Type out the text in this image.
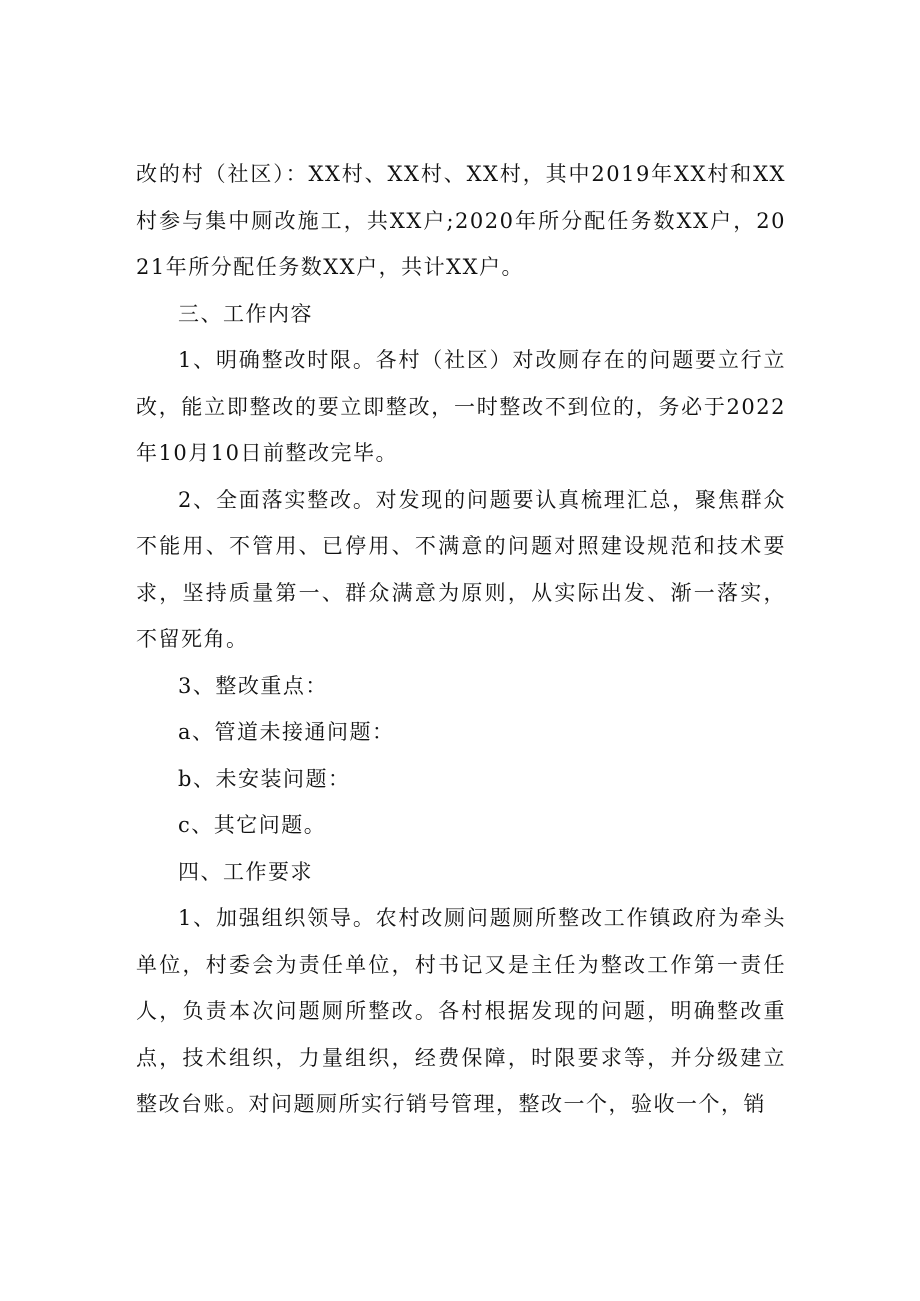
改的村（社区）：XX村、XX村、XX村，其中2019年XX村和XX村参与集中厕改施工，共XX户;2020年所分配任务数XX户，2021年所分配任务数XX户，共计XX户。

三、工作内容

1、明确整改时限。各村（社区）对改厕存在的问题要立行立改，能立即整改的要立即整改，一时整改不到位的，务必于2022年10月10日前整改完毕。

2、全面落实整改。对发现的问题要认真梳理汇总，聚焦群众不能用、不管用、已停用、不满意的问题对照建设规范和技术要求，坚持质量第一、群众满意为原则，从实际出发、渐一落实，不留死角。

3、整改重点：

a、管道未接通问题：

b、未安装问题：

c、其它问题。

四、工作要求

1、加强组织领导。农村改厕问题厕所整改工作镇政府为牵头单位，村委会为责任单位，村书记又是主任为整改工作第一责任人，负责本次问题厕所整改。各村根据发现的问题，明确整改重点，技术组织，力量组织，经费保障，时限要求等，并分级建立整改台账。对问题厕所实行销号管理，整改一个，验收一个，销
